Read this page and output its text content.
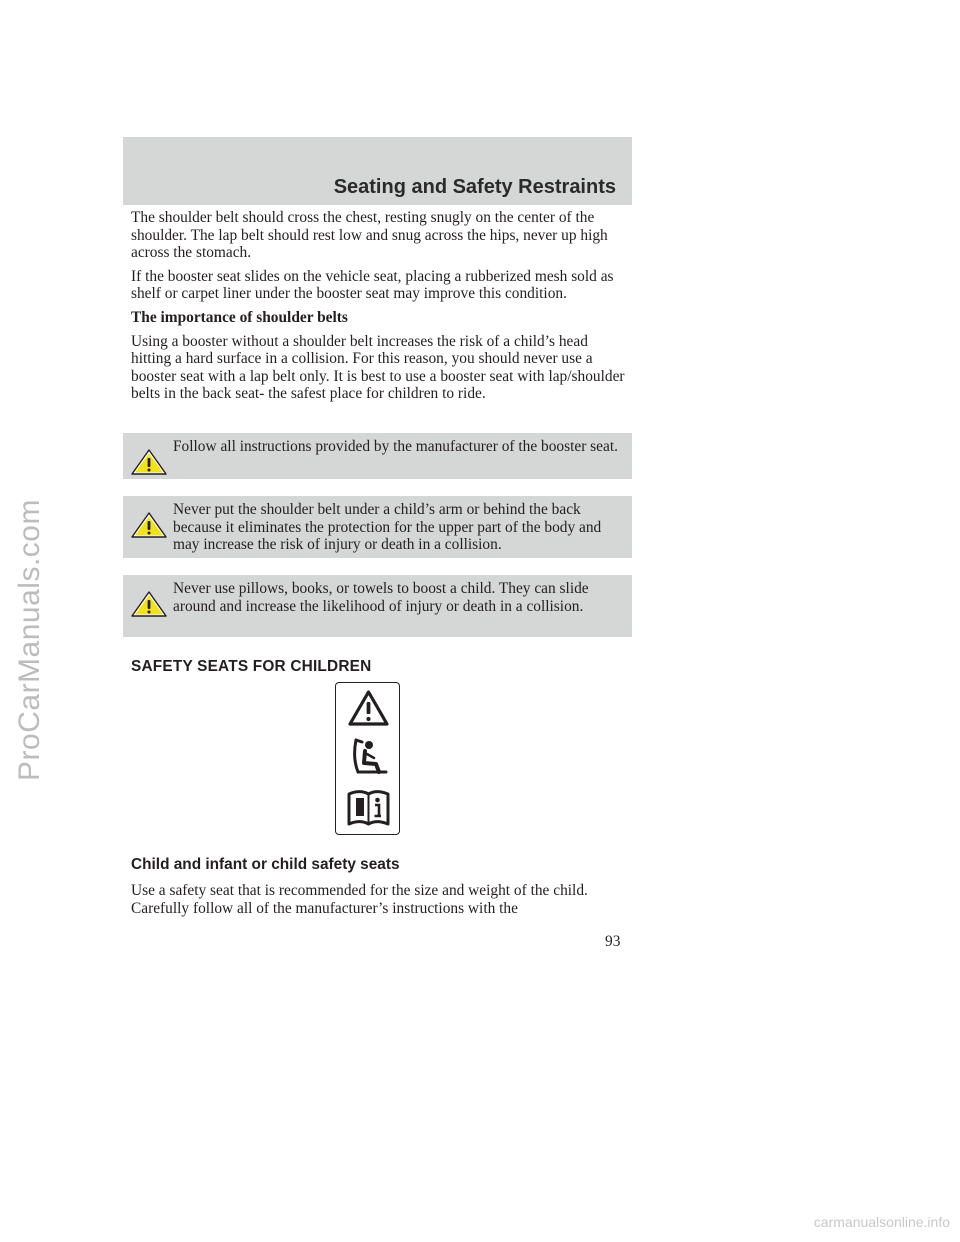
ProCarManuals.com
Seating and Safety Restraints

The shoulder belt should cross the chest, resting snugly on the center of the shoulder. The lap belt should rest low and snug across the hips, never up high across the stomach.

If the booster seat slides on the vehicle seat, placing a rubberized mesh sold as shelf or carpet liner under the booster seat may improve this condition.

The importance of shoulder belts

Using a booster without a shoulder belt increases the risk of a child’s head hitting a hard surface in a collision. For this reason, you should never use a booster seat with a lap belt only. It is best to use a booster seat with lap/shoulder belts in the back seat- the safest place for children to ride.

Follow all instructions provided by the manufacturer of the booster seat.

Never put the shoulder belt under a child’s arm or behind the back because it eliminates the protection for the upper part of the body and may increase the risk of injury or death in a collision.

Never use pillows, books, or towels to boost a child. They can slide around and increase the likelihood of injury or death in a collision.

SAFETY SEATS FOR CHILDREN
Child and infant or child safety seats

Use a safety seat that is recommended for the size and weight of the child. Carefully follow all of the manufacturer’s instructions with the

93

carmanualsonline.info
